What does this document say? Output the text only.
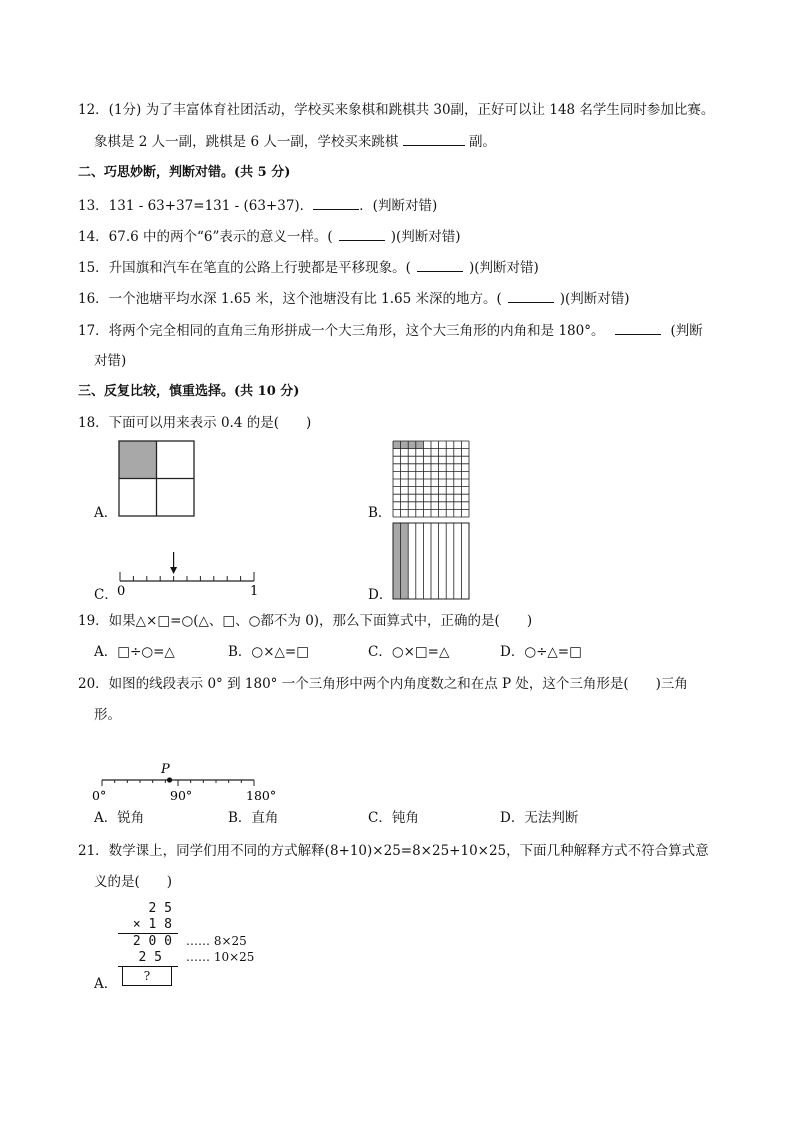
12．(1分) 为了丰富体育社团活动，学校买来象棋和跳棋共 30副，正好可以让 148 名学生同时参加比赛。
象棋是 2 人一副，跳棋是 6 人一副，学校买来跳棋	副。
二、巧思妙断，判断对错。(共 5 分)
13．131 - 63+37=131 - (63+37)．	．(判断对错)
14．67.6 中的两个“6”表示的意义一样。(	)(判断对错)
15．升国旗和汽车在笔直的公路上行驶都是平移现象。(	)(判断对错)
16．一个池塘平均水深 1.65 米，这个池塘没有比 1.65 米深的地方。(	)(判断对错)
17．将两个完全相同的直角三角形拼成一个大三角形，这个大三角形的内角和是 180°。	(判断
对错)
三、反复比较，慎重选择。(共 10 分)
18．下面可以用来表示 0.4 的是(　　)
A．	B．
C． 0	1	D．
19．如果△×□=○(△、□、○都不为 0)，那么下面算式中，正确的是(　　)
A．□÷○=△	B．○×△=□	C．○×□=△	D．○÷△=□
20．如图的线段表示 0° 到 180° 一个三角形中两个内角度数之和在点 P 处，这个三角形是(　　)三角
形。
P
0°	90°	180°
A．锐角	B．直角	C．钝角	D．无法判断
21．数学课上，同学们用不同的方式解释(8+10)×25=8×25+10×25，下面几种解释方式不符合算式意
义的是(　　)
2 5
× 1 8
2 0 0
2 5
…… 8×25
…… 10×25
?
A．
